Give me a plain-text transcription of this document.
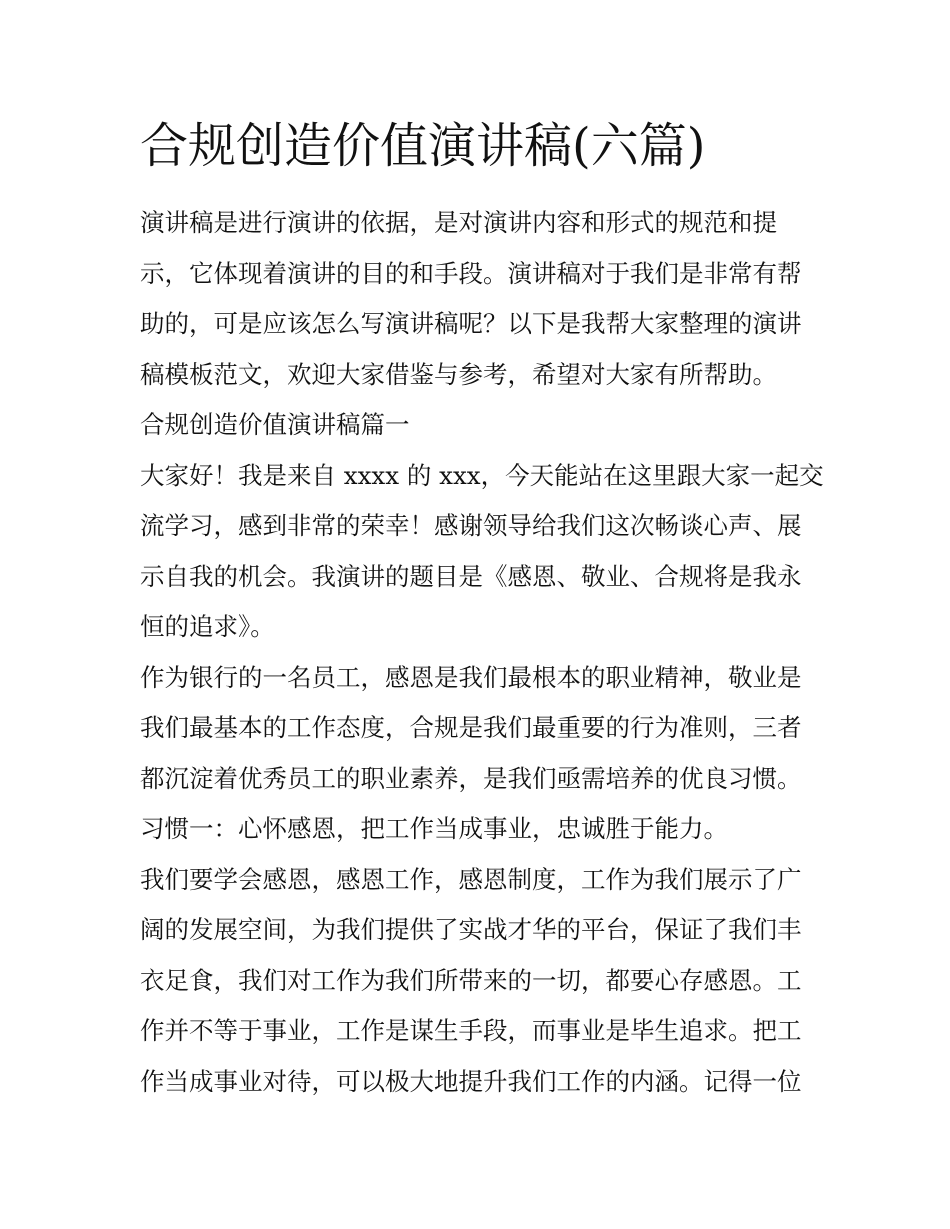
合规创造价值演讲稿(六篇)
演讲稿是进行演讲的依据，是对演讲内容和形式的规范和提
示，它体现着演讲的目的和手段。演讲稿对于我们是非常有帮
助的，可是应该怎么写演讲稿呢？以下是我帮大家整理的演讲
稿模板范文，欢迎大家借鉴与参考，希望对大家有所帮助。
合规创造价值演讲稿篇一
大家好！我是来自 xxxx 的 xxx，今天能站在这里跟大家一起交
流学习，感到非常的荣幸！感谢领导给我们这次畅谈心声、展
示自我的机会。我演讲的题目是《感恩、敬业、合规将是我永
恒的追求》。
作为银行的一名员工，感恩是我们最根本的职业精神，敬业是
我们最基本的工作态度，合规是我们最重要的行为准则，三者
都沉淀着优秀员工的职业素养，是我们亟需培养的优良习惯。
习惯一：心怀感恩，把工作当成事业，忠诚胜于能力。
我们要学会感恩，感恩工作，感恩制度，工作为我们展示了广
阔的发展空间，为我们提供了实战才华的平台，保证了我们丰
衣足食，我们对工作为我们所带来的一切，都要心存感恩。工
作并不等于事业，工作是谋生手段，而事业是毕生追求。把工
作当成事业对待，可以极大地提升我们工作的内涵。记得一位
